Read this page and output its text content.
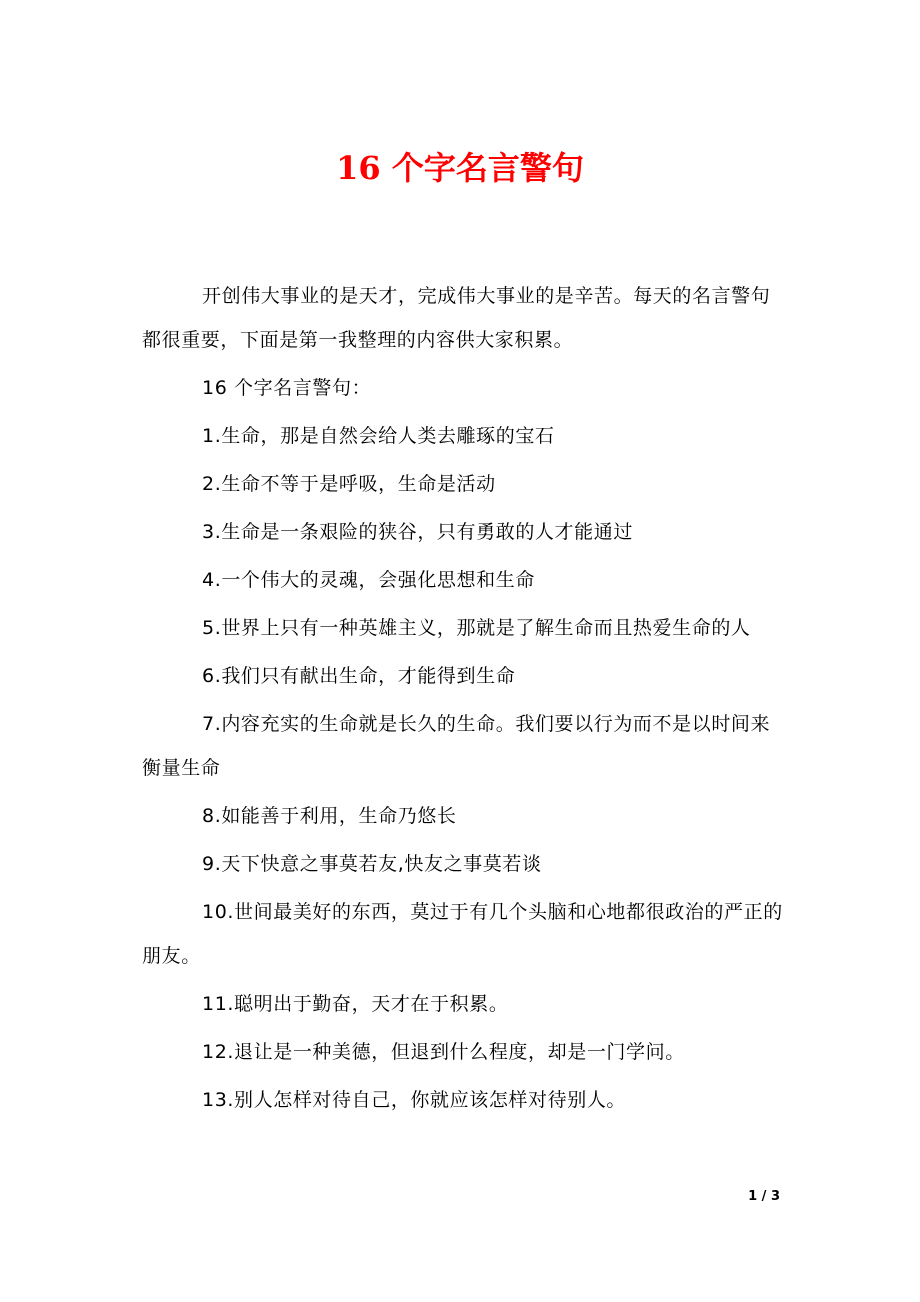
16 个字名言警句

开创伟大事业的是天才，完成伟大事业的是辛苦。每天的名言警句都很重要，下面是第一我整理的内容供大家积累。

16 个字名言警句：

1.生命，那是自然会给人类去雕琢的宝石

2.生命不等于是呼吸，生命是活动

3.生命是一条艰险的狭谷，只有勇敢的人才能通过

4.一个伟大的灵魂，会强化思想和生命

5.世界上只有一种英雄主义，那就是了解生命而且热爱生命的人

6.我们只有献出生命，才能得到生命

7.内容充实的生命就是长久的生命。我们要以行为而不是以时间来衡量生命

8.如能善于利用，生命乃悠长

9.天下快意之事莫若友,快友之事莫若谈

10.世间最美好的东西，莫过于有几个头脑和心地都很政治的严正的朋友。

11.聪明出于勤奋，天才在于积累。

12.退让是一种美德，但退到什么程度，却是一门学问。

13.别人怎样对待自己，你就应该怎样对待别人。

1 / 3
